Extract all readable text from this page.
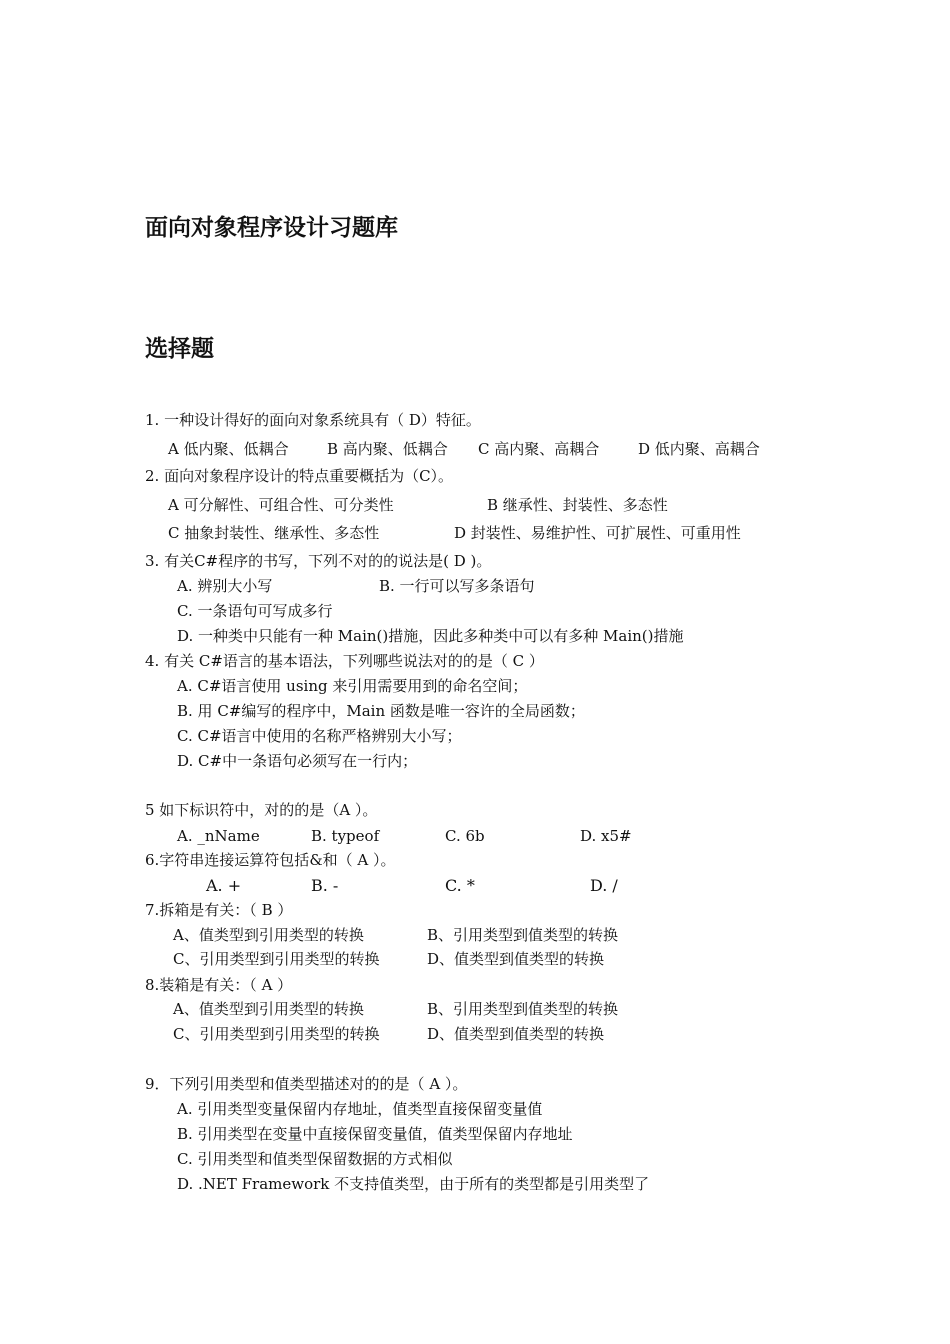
面向对象程序设计习题库
选择题
1. 一种设计得好的面向对象系统具有（ D）特征。
A 低内聚、低耦合	B 高内聚、低耦合 C 高内聚、高耦合	D 低内聚、高耦合
2. 面向对象程序设计的特点重要概括为（C）。
A 可分解性、可组合性、可分类性	B 继承性、封装性、多态性
C 抽象封装性、继承性、多态性	D 封装性、易维护性、可扩展性、可重用性
3. 有关C#程序的书写，下列不对的的说法是( D )。
A. 辨别大小写	B. 一行可以写多条语句
C. 一条语句可写成多行
D. 一种类中只能有一种 Main()措施，因此多种类中可以有多种 Main()措施
4. 有关 C#语言的基本语法，下列哪些说法对的的是（ C ）
A. C#语言使用 using 来引用需要用到的命名空间；
B. 用 C#编写的程序中，Main 函数是唯一容许的全局函数；
C. C#语言中使用的名称严格辨别大小写；
D. C#中一条语句必须写在一行内；
5 如下标识符中，对的的是（A ）。
A. _nName	B. typeof	C. 6b	D. x5#
6.字符串连接运算符包括&和（ A ）。
A. +	B. -	C. *	D. /
7.拆箱是有关：（ B ）
A、值类型到引用类型的转换	B、引用类型到值类型的转换
C、引用类型到引用类型的转换	D、值类型到值类型的转换
8.装箱是有关：（ A ）
A、值类型到引用类型的转换	B、引用类型到值类型的转换
C、引用类型到引用类型的转换	D、值类型到值类型的转换
9．下列引用类型和值类型描述对的的是（ A ）。
A. 引用类型变量保留内存地址，值类型直接保留变量值
B. 引用类型在变量中直接保留变量值，值类型保留内存地址
C. 引用类型和值类型保留数据的方式相似
D. .NET Framework 不支持值类型，由于所有的类型都是引用类型了
